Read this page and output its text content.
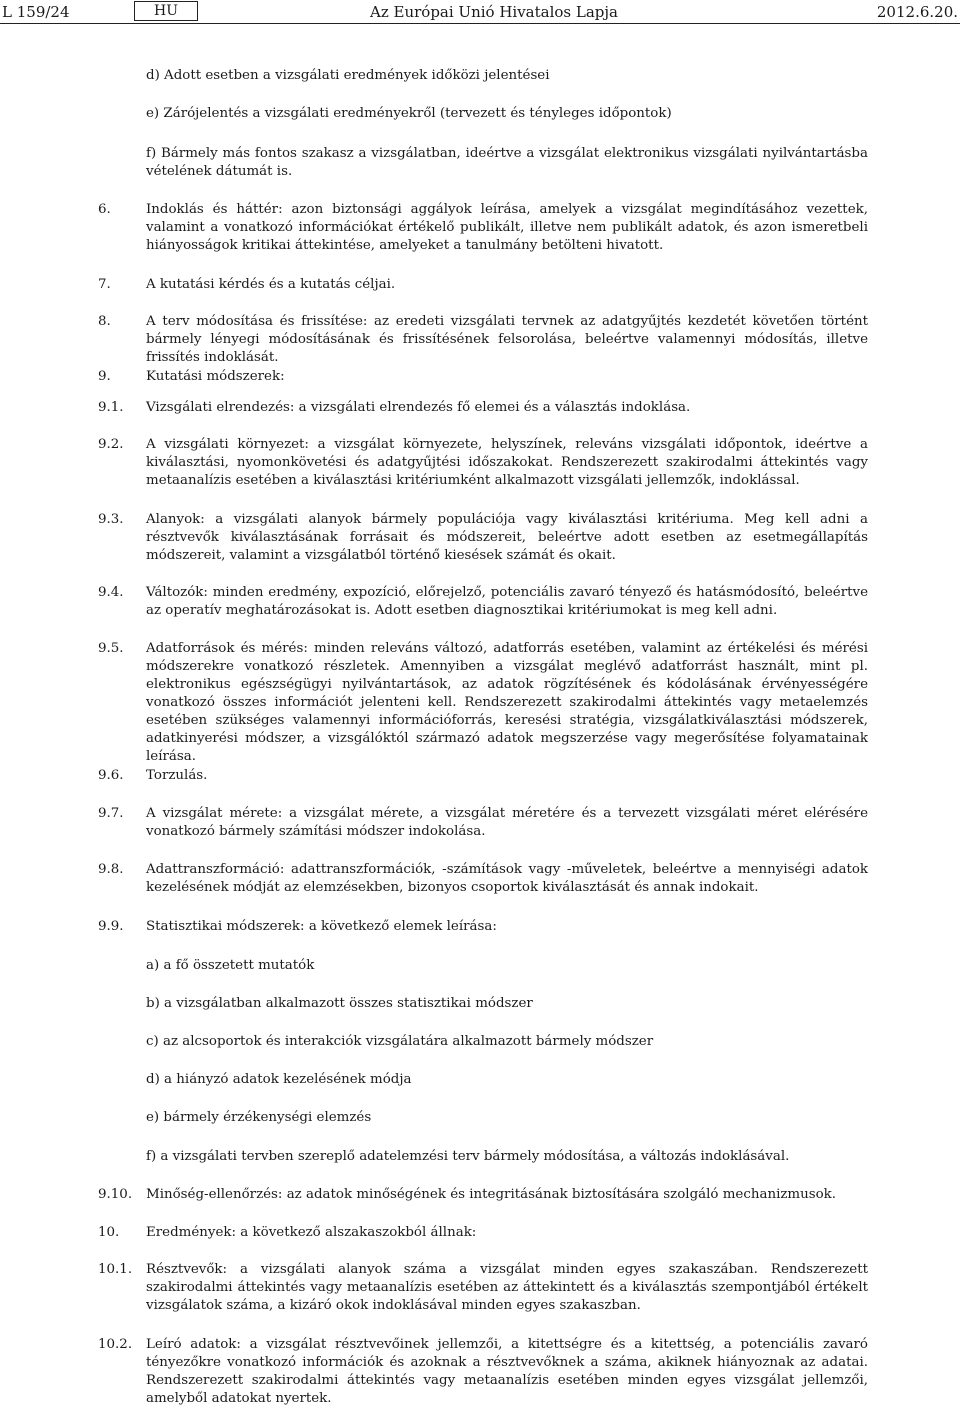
L 159/24	HU	Az Európai Unió Hivatalos Lapja	2012.6.20.
d) Adott esetben a vizsgálati eredmények időközi jelentései
e) Zárójelentés a vizsgálati eredményekről (tervezett és tényleges időpontok)
f) Bármely más fontos szakasz a vizsgálatban, ideértve a vizsgálat elektronikus vizsgálati nyilvántartásba vételének dátumát is.
6.	Indoklás és háttér: azon biztonsági aggályok leírása, amelyek a vizsgálat megindításához vezettek, valamint a vonatkozó információkat értékelő publikált, illetve nem publikált adatok, és azon ismeretbeli hiányosságok kritikai áttekintése, amelyeket a tanulmány betölteni hivatott.
7.	A kutatási kérdés és a kutatás céljai.
8.	A terv módosítása és frissítése: az eredeti vizsgálati tervnek az adatgyűjtés kezdetét követően történt bármely lényegi módosításának és frissítésének felsorolása, beleértve valamennyi módosítás, illetve frissítés indoklását.
9.	Kutatási módszerek:
9.1.	Vizsgálati elrendezés: a vizsgálati elrendezés fő elemei és a választás indoklása.
9.2.	A vizsgálati környezet: a vizsgálat környezete, helyszínek, releváns vizsgálati időpontok, ideértve a kiválasztási, nyomonkövetési és adatgyűjtési időszakokat. Rendszerezett szakirodalmi áttekintés vagy metaanalízis esetében a kiválasztási kritériumként alkalmazott vizsgálati jellemzők, indoklással.
9.3.	Alanyok: a vizsgálati alanyok bármely populációja vagy kiválasztási kritériuma. Meg kell adni a résztvevők kiválasztásának forrásait és módszereit, beleértve adott esetben az esetmegállapítás módszereit, valamint a vizsgálatból történő kiesések számát és okait.
9.4.	Változók: minden eredmény, expozíció, előrejelző, potenciális zavaró tényező és hatásmódosító, beleértve az operatív meghatározásokat is. Adott esetben diagnosztikai kritériumokat is meg kell adni.
9.5.	Adatforrások és mérés: minden releváns változó, adatforrás esetében, valamint az értékelési és mérési módszerekre vonatkozó részletek. Amennyiben a vizsgálat meglévő adatforrást használt, mint pl. elektronikus egészségügyi nyilvántartások, az adatok rögzítésének és kódolásának érvényességére vonatkozó összes információt jelenteni kell. Rendszerezett szakirodalmi áttekintés vagy metaelemzés esetében szükséges valamennyi információforrás, keresési stratégia, vizsgálatkiválasztási módszerek, adatkinyerési módszer, a vizsgálóktól származó adatok megszerzése vagy megerősítése folyamatainak leírása.
9.6.	Torzulás.
9.7.	A vizsgálat mérete: a vizsgálat mérete, a vizsgálat méretére és a tervezett vizsgálati méret elérésére vonatkozó bármely számítási módszer indokolása.
9.8.	Adattranszformáció: adattranszformációk, -számítások vagy -műveletek, beleértve a mennyiségi adatok kezelésének módját az elemzésekben, bizonyos csoportok kiválasztását és annak indokait.
9.9.	Statisztikai módszerek: a következő elemek leírása:
a) a fő összetett mutatók
b) a vizsgálatban alkalmazott összes statisztikai módszer
c) az alcsoportok és interakciók vizsgálatára alkalmazott bármely módszer
d) a hiányzó adatok kezelésének módja
e) bármely érzékenységi elemzés
f) a vizsgálati tervben szereplő adatelemzési terv bármely módosítása, a változás indoklásával.
9.10.	Minőség-ellenőrzés: az adatok minőségének és integritásának biztosítására szolgáló mechanizmusok.
10.	Eredmények: a következő alszakaszokból állnak:
10.1.	Résztvevők: a vizsgálati alanyok száma a vizsgálat minden egyes szakaszában. Rendszerezett szakirodalmi áttekintés vagy metaanalízis esetében az áttekintett és a kiválasztás szempontjából értékelt vizsgálatok száma, a kizáró okok indoklásával minden egyes szakaszban.
10.2.	Leíró adatok: a vizsgálat résztvevőinek jellemzői, a kitettségre és a kitettség, a potenciális zavaró tényezőkre vonatkozó információk és azoknak a résztvevőknek a száma, akiknek hiányoznak az adatai. Rendszerezett szakirodalmi áttekintés vagy metaanalízis esetében minden egyes vizsgálat jellemzői, amelyből adatokat nyertek.
